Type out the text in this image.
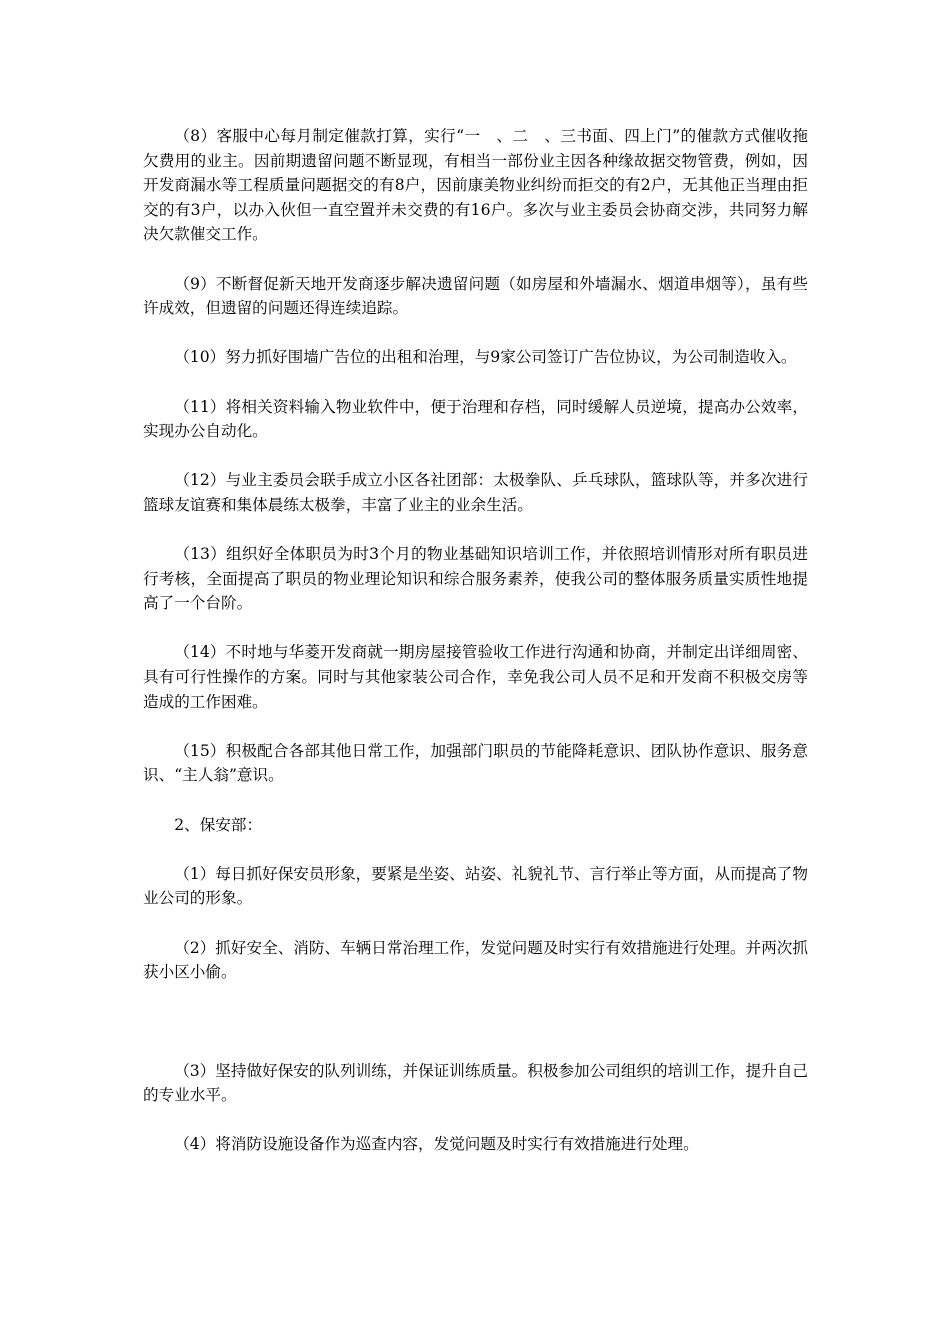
（8）客服中心每月制定催款打算，实行“一　、二　、三书面、四上门”的催款方式催收拖欠费用的业主。因前期遗留问题不断显现，有相当一部份业主因各种缘故据交物管费，例如，因开发商漏水等工程质量问题据交的有8户，因前康美物业纠纷而拒交的有2户，无其他正当理由拒交的有3户，以办入伙但一直空置并未交费的有16户。多次与业主委员会协商交涉，共同努力解决欠款催交工作。

（9）不断督促新天地开发商逐步解决遗留问题（如房屋和外墙漏水、烟道串烟等），虽有些许成效，但遗留的问题还得连续追踪。

（10）努力抓好围墙广告位的出租和治理，与9家公司签订广告位协议，为公司制造收入。

（11）将相关资料输入物业软件中，便于治理和存档，同时缓解人员逆境，提高办公效率，实现办公自动化。

（12）与业主委员会联手成立小区各社团部：太极拳队、乒乓球队，篮球队等，并多次进行篮球友谊赛和集体晨练太极拳，丰富了业主的业余生活。

（13）组织好全体职员为时3个月的物业基础知识培训工作，并依照培训情形对所有职员进行考核，全面提高了职员的物业理论知识和综合服务素养，使我公司的整体服务质量实质性地提高了一个台阶。

（14）不时地与华菱开发商就一期房屋接管验收工作进行沟通和协商，并制定出详细周密、具有可行性操作的方案。同时与其他家装公司合作，幸免我公司人员不足和开发商不积极交房等造成的工作困难。

（15）积极配合各部其他日常工作，加强部门职员的节能降耗意识、团队协作意识、服务意识、“主人翁”意识。

2、保安部：

（1）每日抓好保安员形象，要紧是坐姿、站姿、礼貌礼节、言行举止等方面，从而提高了物业公司的形象。

（2）抓好安全、消防、车辆日常治理工作，发觉问题及时实行有效措施进行处理。并两次抓获小区小偷。

（3）坚持做好保安的队列训练，并保证训练质量。积极参加公司组织的培训工作，提升自己的专业水平。

（4）将消防设施设备作为巡查内容，发觉问题及时实行有效措施进行处理。
